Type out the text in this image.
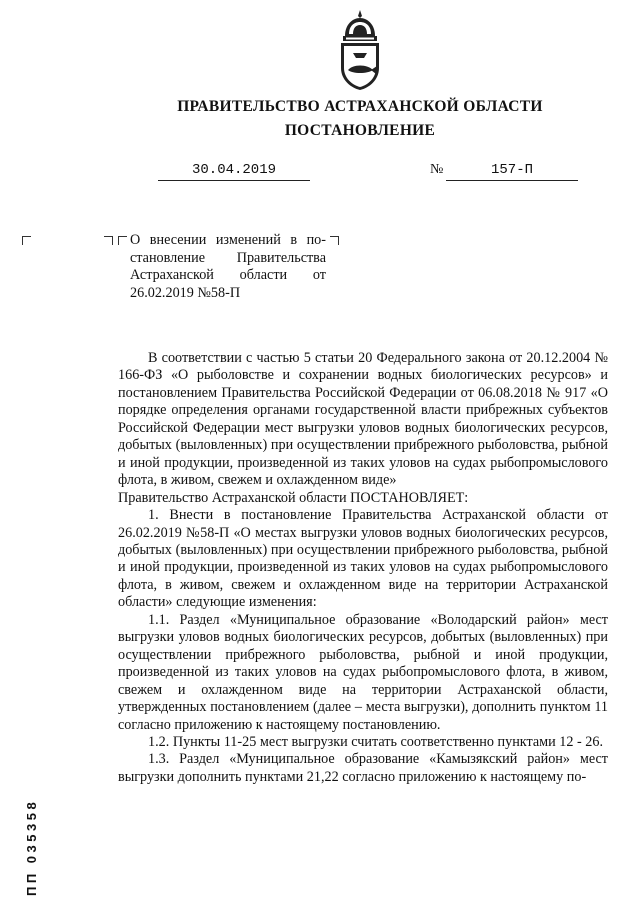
ПРАВИТЕЛЬСТВО АСТРАХАНСКОЙ ОБЛАСТИ
ПОСТАНОВЛЕНИЕ
30.04.2019	№	157-П
О внесении изменений в по-
становление Правительства
Астраханской области от
26.02.2019 №58-П

В соответствии с частью 5 статьи 20 Федерального закона от 20.12.2004 № 166-ФЗ «О рыболовстве и сохранении водных биологических ресурсов» и постановлением Правительства Российской Федерации от 06.08.2018 № 917 «О порядке определения органами государственной власти прибрежных субъектов Российской Федерации мест выгрузки уловов водных биологических ресурсов, добытых (выловленных) при осуществлении прибрежного рыболовства, рыбной и иной продукции, произведенной из таких уловов на судах рыбопромыслового флота, в живом, свежем и охлажденном виде»

Правительство Астраханской области ПОСТАНОВЛЯЕТ:

1. Внести в постановление Правительства Астраханской области от 26.02.2019 №58-П «О местах выгрузки уловов водных биологических ресурсов, добытых (выловленных) при осуществлении прибрежного рыболовства, рыбной и иной продукции, произведенной из таких уловов на судах рыбопромыслового флота, в живом, свежем и охлажденном виде на территории Астраханской области» следующие изменения:

1.1. Раздел «Муниципальное образование «Володарский район» мест выгрузки уловов водных биологических ресурсов, добытых (выловленных) при осуществлении прибрежного рыболовства, рыбной и иной продукции, произведенной из таких уловов на судах рыбопромыслового флота, в живом, свежем и охлажденном виде на территории Астраханской области, утвержденных постановлением (далее – места выгрузки), дополнить пунктом 11 согласно приложению к настоящему постановлению.

1.2. Пункты 11-25 мест выгрузки считать соответственно пунктами 12 - 26.

1.3. Раздел «Муниципальное образование «Камызякский район» мест выгрузки дополнить пунктами 21,22 согласно приложению к настоящему по-

ПП 035358
